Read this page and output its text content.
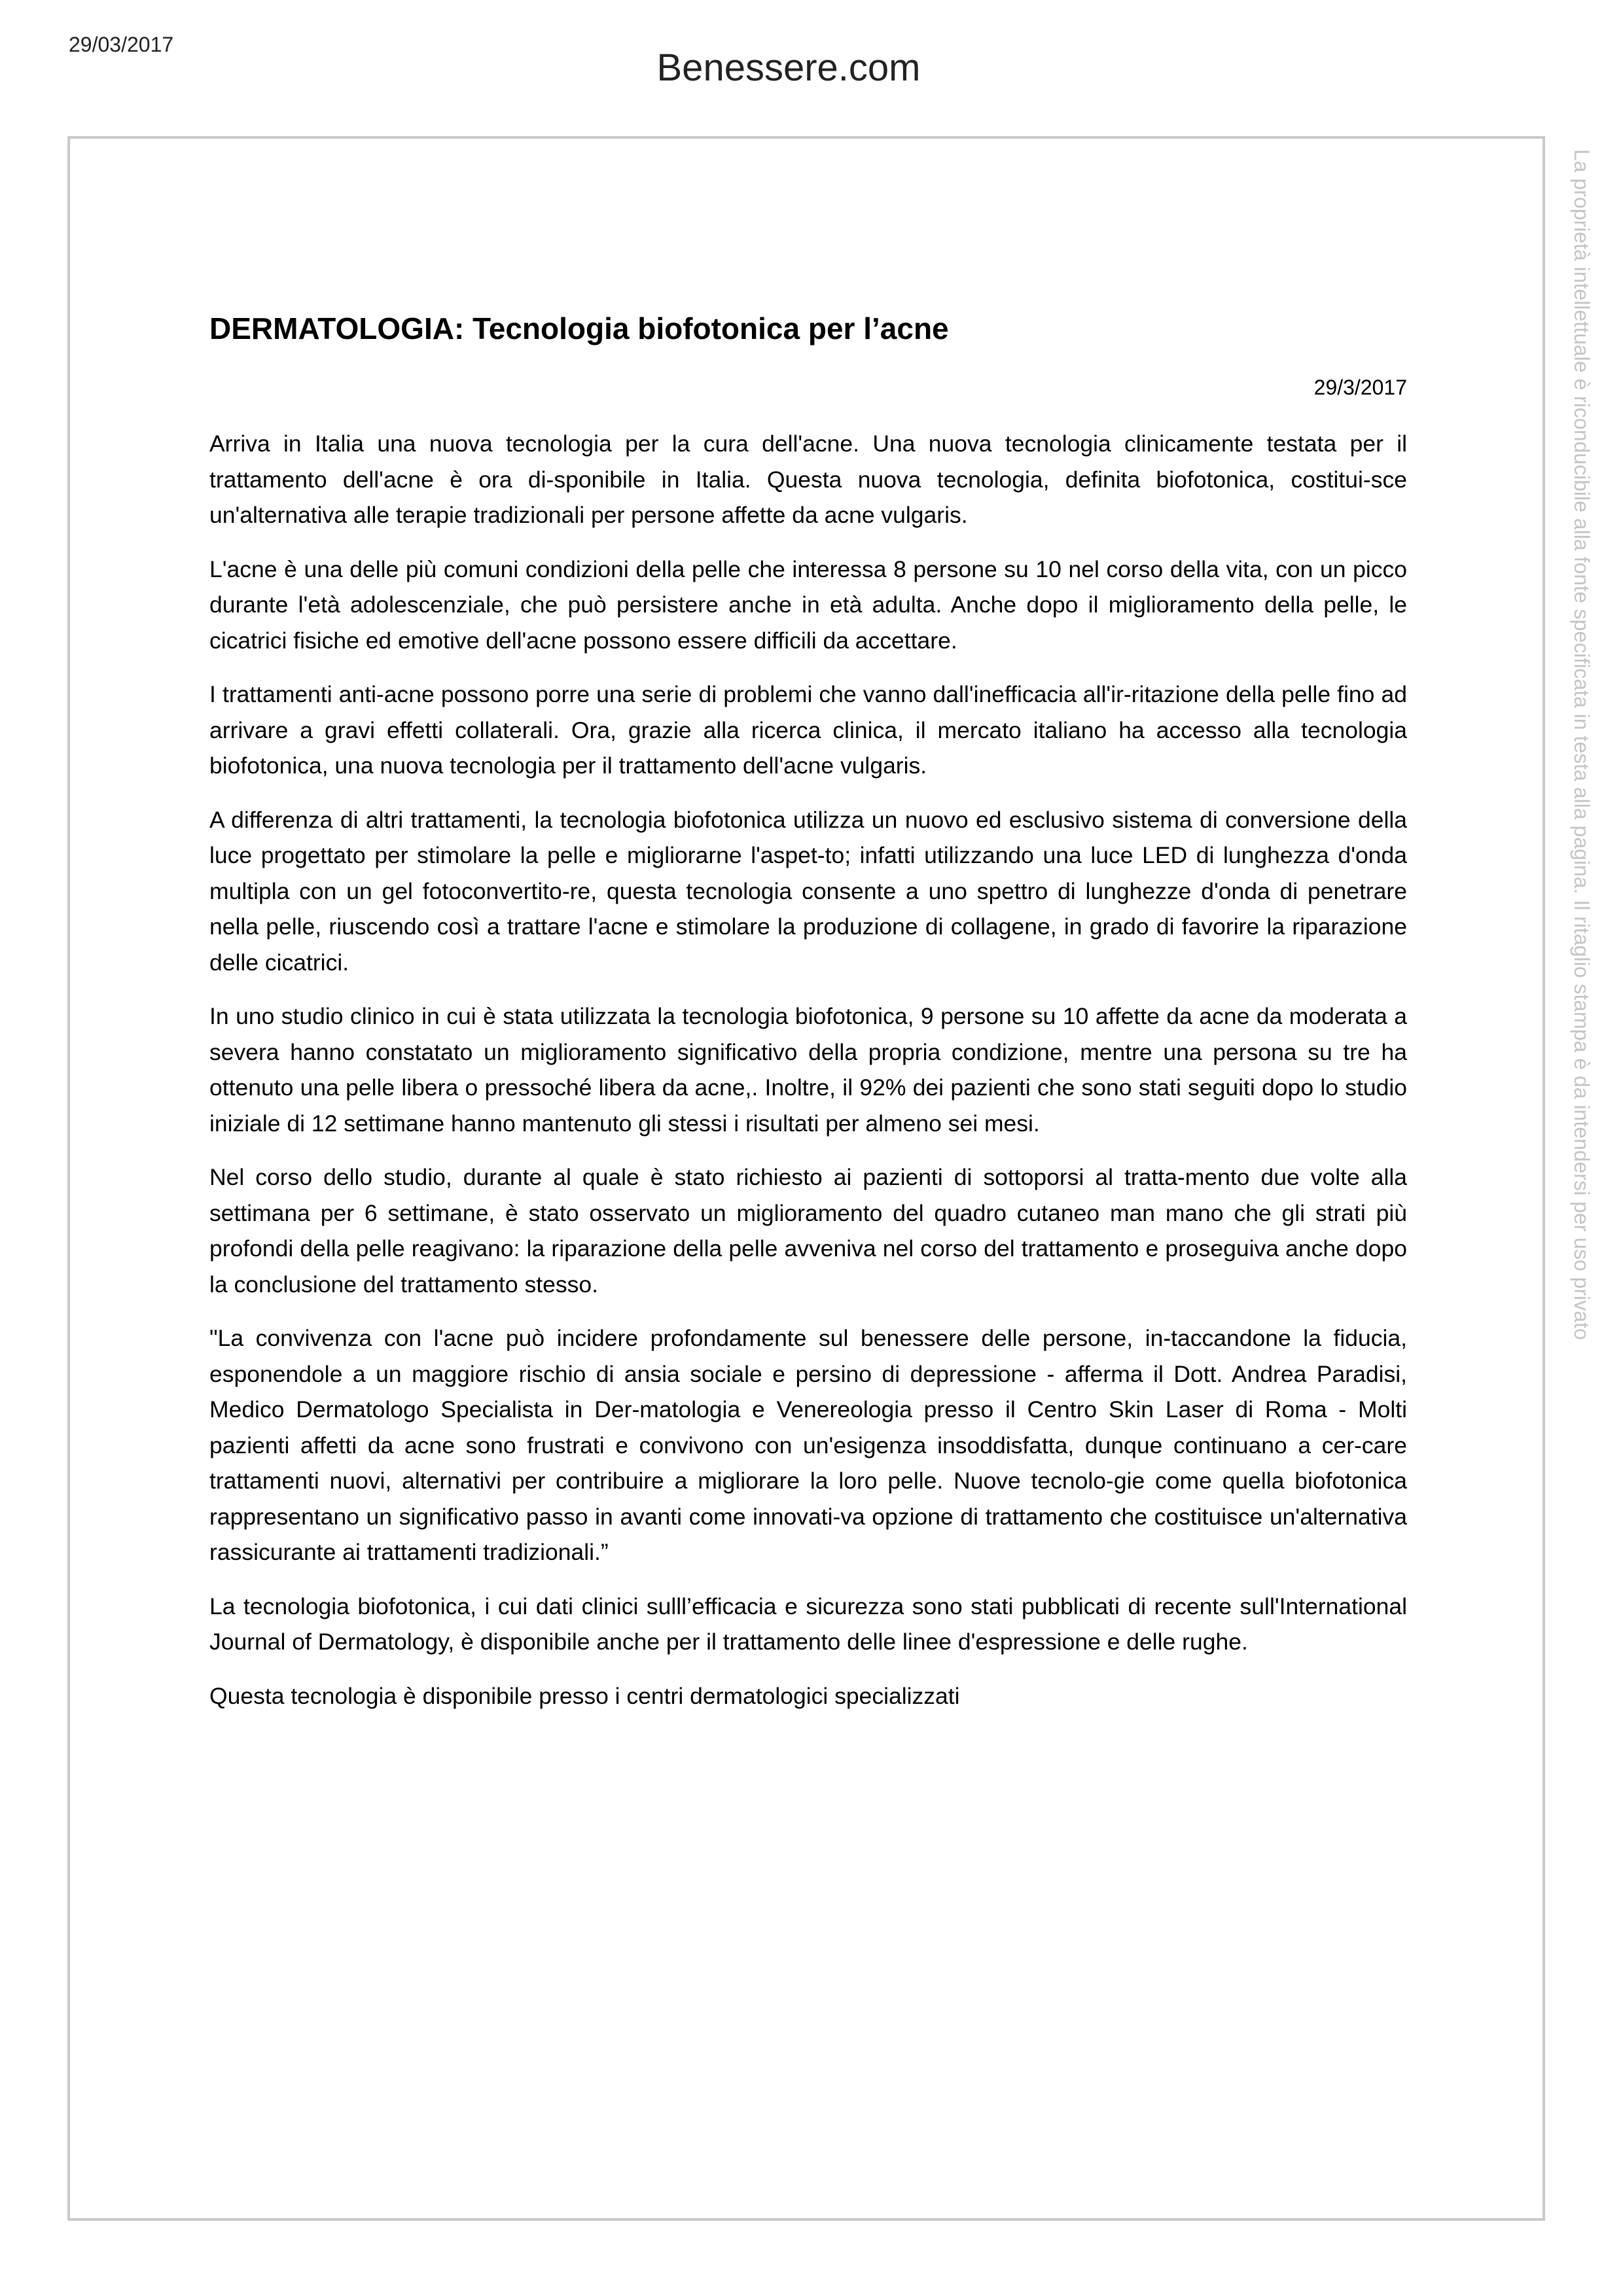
29/03/2017
Benessere.com
DERMATOLOGIA: Tecnologia biofotonica per l’acne
29/3/2017

Arriva in Italia una nuova tecnologia per la cura dell'acne. Una nuova tecnologia clinicamente testata per il trattamento dell'acne è ora di-sponibile in Italia. Questa nuova tecnologia, definita biofotonica, costitui-sce un'alternativa alle terapie tradizionali per persone affette da acne vulgaris.

L'acne è una delle più comuni condizioni della pelle che interessa 8 persone su 10 nel corso della vita, con un picco durante l'età adolescenziale, che può persistere anche in età adulta. Anche dopo il miglioramento della pelle, le cicatrici fisiche ed emotive dell'acne possono essere difficili da accettare.

I trattamenti anti-acne possono porre una serie di problemi che vanno dall'inefficacia all'ir-ritazione della pelle fino ad arrivare a gravi effetti collaterali. Ora, grazie alla ricerca clinica, il mercato italiano ha accesso alla tecnologia biofotonica, una nuova tecnologia per il trattamento dell'acne vulgaris.

A differenza di altri trattamenti, la tecnologia biofotonica utilizza un nuovo ed esclusivo sistema di conversione della luce progettato per stimolare la pelle e migliorarne l'aspet-to; infatti utilizzando una luce LED di lunghezza d'onda multipla con un gel fotoconvertito-re, questa tecnologia consente a uno spettro di lunghezze d'onda di penetrare nella pelle, riuscendo così a trattare l'acne e stimolare la produzione di collagene, in grado di favorire la riparazione delle cicatrici.

In uno studio clinico in cui è stata utilizzata la tecnologia biofotonica, 9 persone su 10 affette da acne da moderata a severa hanno constatato un miglioramento significativo della propria condizione, mentre una persona su tre ha ottenuto una pelle libera o pressoché libera da acne,. Inoltre, il 92% dei pazienti che sono stati seguiti dopo lo studio iniziale di 12 settimane hanno mantenuto gli stessi i risultati per almeno sei mesi.

Nel corso dello studio, durante al quale è stato richiesto ai pazienti di sottoporsi al tratta-mento due volte alla settimana per 6 settimane, è stato osservato un miglioramento del quadro cutaneo man mano che gli strati più profondi della pelle reagivano: la riparazione della pelle avveniva nel corso del trattamento e proseguiva anche dopo la conclusione del trattamento stesso.

"La convivenza con l'acne può incidere profondamente sul benessere delle persone, in-taccandone la fiducia, esponendole a un maggiore rischio di ansia sociale e persino di depressione - afferma il Dott. Andrea Paradisi, Medico Dermatologo Specialista in Der-matologia e Venereologia presso il Centro Skin Laser di Roma - Molti pazienti affetti da acne sono frustrati e convivono con un'esigenza insoddisfatta, dunque continuano a cer-care trattamenti nuovi, alternativi per contribuire a migliorare la loro pelle. Nuove tecnolo-gie come quella biofotonica rappresentano un significativo passo in avanti come innovati-va opzione di trattamento che costituisce un'alternativa rassicurante ai trattamenti tradizionali.”

La tecnologia biofotonica, i cui dati clinici sulll’efficacia e sicurezza sono stati pubblicati di recente sull'International Journal of Dermatology, è disponibile anche per il trattamento delle linee d'espressione e delle rughe.

Questa tecnologia è disponibile presso i centri dermatologici specializzati

La proprietà intellettuale è riconducibile alla fonte specificata in testa alla pagina. Il ritaglio stampa è da intendersi per uso privato
